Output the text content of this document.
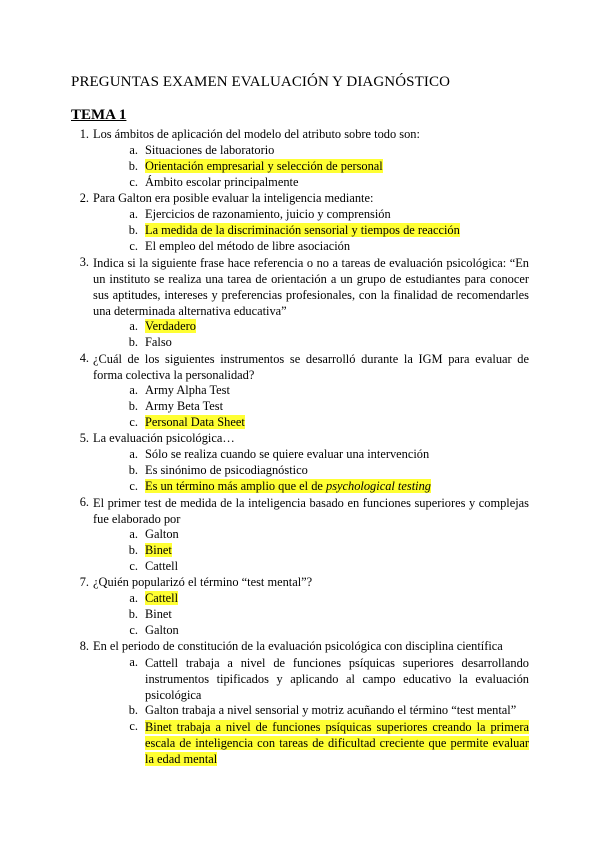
PREGUNTAS EXAMEN EVALUACIÓN Y DIAGNÓSTICO
TEMA 1
1. Los ámbitos de aplicación del modelo del atributo sobre todo son:
a. Situaciones de laboratorio
b. Orientación empresarial y selección de personal
c. Ámbito escolar principalmente
2. Para Galton era posible evaluar la inteligencia mediante:
a. Ejercicios de razonamiento, juicio y comprensión
b. La medida de la discriminación sensorial y tiempos de reacción
c. El empleo del método de libre asociación
3. Indica si la siguiente frase hace referencia o no a tareas de evaluación psicológica: “En un instituto se realiza una tarea de orientación a un grupo de estudiantes para conocer sus aptitudes, intereses y preferencias profesionales, con la finalidad de recomendarles una determinada alternativa educativa”
a. Verdadero
b. Falso
4. ¿Cuál de los siguientes instrumentos se desarrolló durante la IGM para evaluar de forma colectiva la personalidad?
a. Army Alpha Test
b. Army Beta Test
c. Personal Data Sheet
5. La evaluación psicológica…
a. Sólo se realiza cuando se quiere evaluar una intervención
b. Es sinónimo de psicodiagnóstico
c. Es un término más amplio que el de psychological testing
6. El primer test de medida de la inteligencia basado en funciones superiores y complejas fue elaborado por
a. Galton
b. Binet
c. Cattell
7. ¿Quién popularizó el término “test mental”?
a. Cattell
b. Binet
c. Galton
8. En el periodo de constitución de la evaluación psicológica con disciplina científica
a. Cattell trabaja a nivel de funciones psíquicas superiores desarrollando instrumentos tipificados y aplicando al campo educativo la evaluación psicológica
b. Galton trabaja a nivel sensorial y motriz acuñando el término “test mental”
c. Binet trabaja a nivel de funciones psíquicas superiores creando la primera escala de inteligencia con tareas de dificultad creciente que permite evaluar la edad mental
